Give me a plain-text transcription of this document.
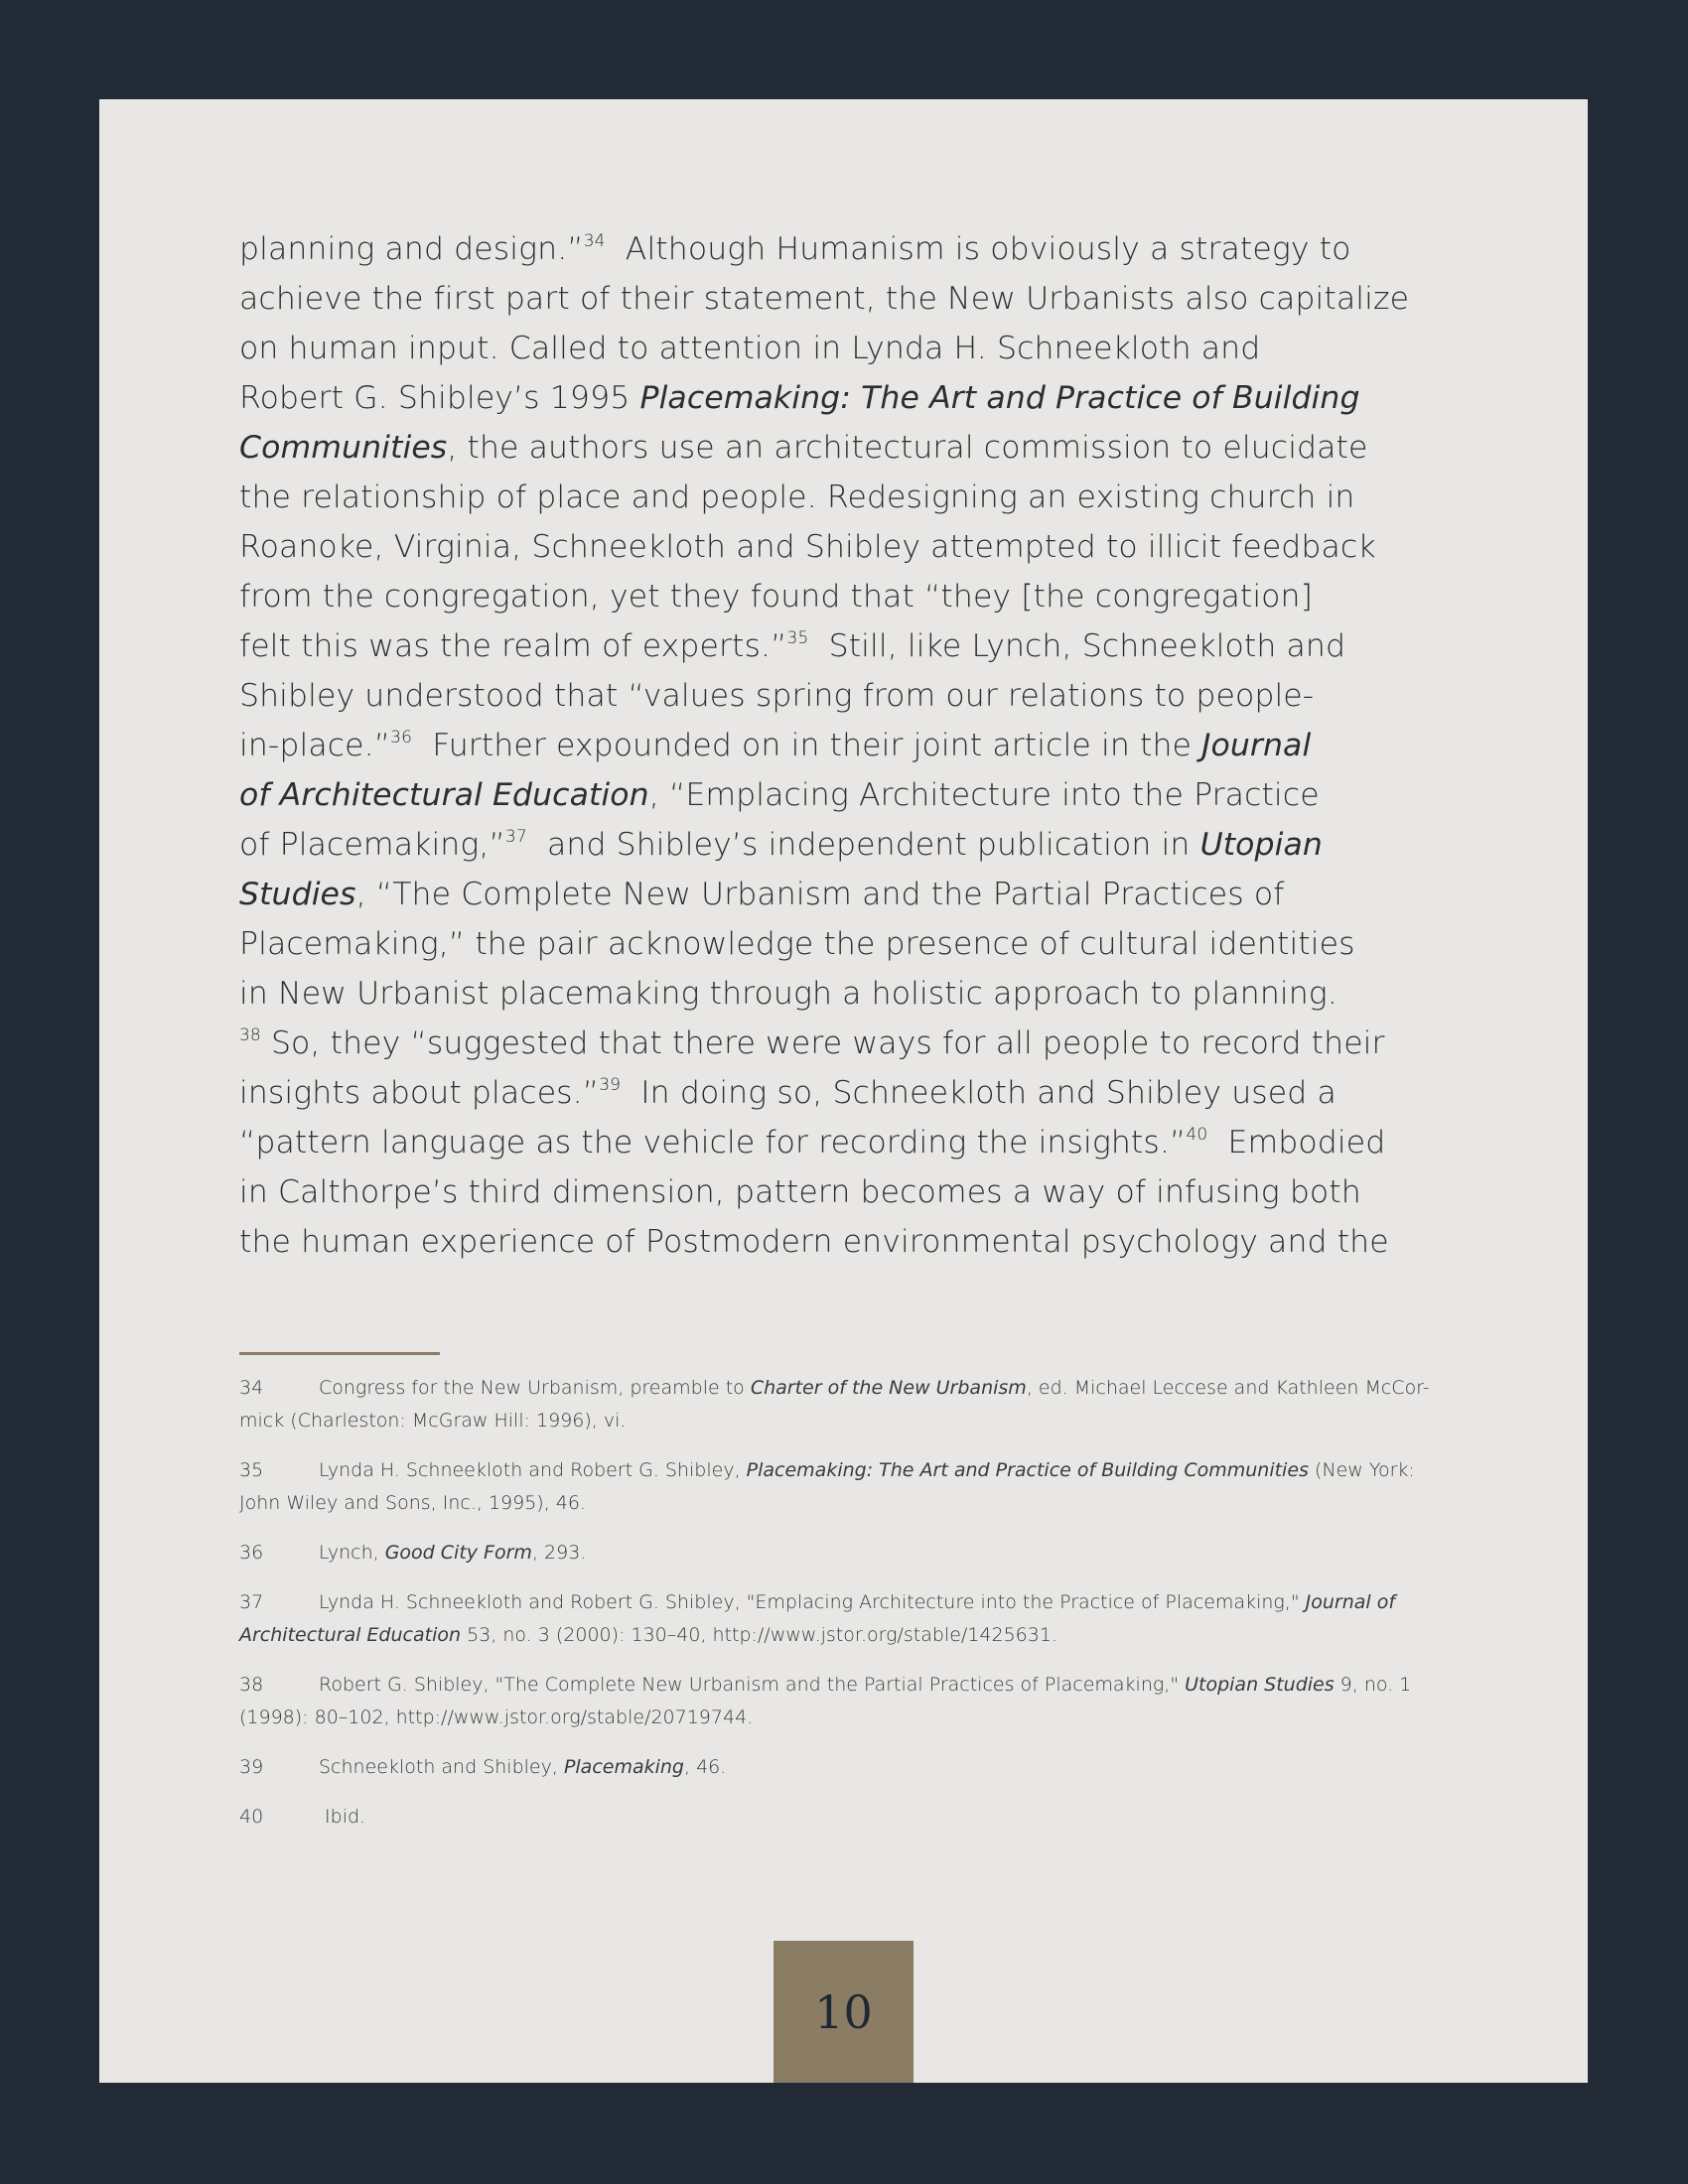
planning and design.”$^{34}$  Although Humanism is obviously a strategy to
achieve the first part of their statement, the New Urbanists also capitalize
on human input. Called to attention in Lynda H. Schneekloth and
Robert G. Shibley’s 1995 Placemaking: The Art and Practice of Building
Communities, the authors use an architectural commission to elucidate
the relationship of place and people. Redesigning an existing church in
Roanoke, Virginia, Schneekloth and Shibley attempted to illicit feedback
from the congregation, yet they found that “they [the congregation]
felt this was the realm of experts.”$^{35}$  Still, like Lynch, Schneekloth and
Shibley understood that “values spring from our relations to people-
in-place.”$^{36}$  Further expounded on in their joint article in the Journal
of Architectural Education, “Emplacing Architecture into the Practice
of Placemaking,”$^{37}$  and Shibley’s independent publication in Utopian
Studies, “The Complete New Urbanism and the Partial Practices of
Placemaking,” the pair acknowledge the presence of cultural identities
in New Urbanist placemaking through a holistic approach to planning.
$^{38}$ So, they “suggested that there were ways for all people to record their
insights about places.”$^{39}$  In doing so, Schneekloth and Shibley used a
“pattern language as the vehicle for recording the insights.”$^{40}$  Embodied
in Calthorpe’s third dimension, pattern becomes a way of infusing both
the human experience of Postmodern environmental psychology and the
34	Congress for the New Urbanism, preamble to Charter of the New Urbanism, ed. Michael Leccese and Kathleen McCor-
mick (Charleston: McGraw Hill: 1996), vi.
35	Lynda H. Schneekloth and Robert G. Shibley, Placemaking: The Art and Practice of Building Communities (New York:
John Wiley and Sons, Inc., 1995), 46.
36	Lynch, Good City Form, 293.
37	Lynda H. Schneekloth and Robert G. Shibley, "Emplacing Architecture into the Practice of Placemaking," Journal of
Architectural Education 53, no. 3 (2000): 130–40, http://www.jstor.org/stable/1425631.
38	Robert G. Shibley, "The Complete New Urbanism and the Partial Practices of Placemaking," Utopian Studies 9, no. 1
(1998): 80–102, http://www.jstor.org/stable/20719744.
39	Schneekloth and Shibley, Placemaking, 46.
40	Ibid.
10
